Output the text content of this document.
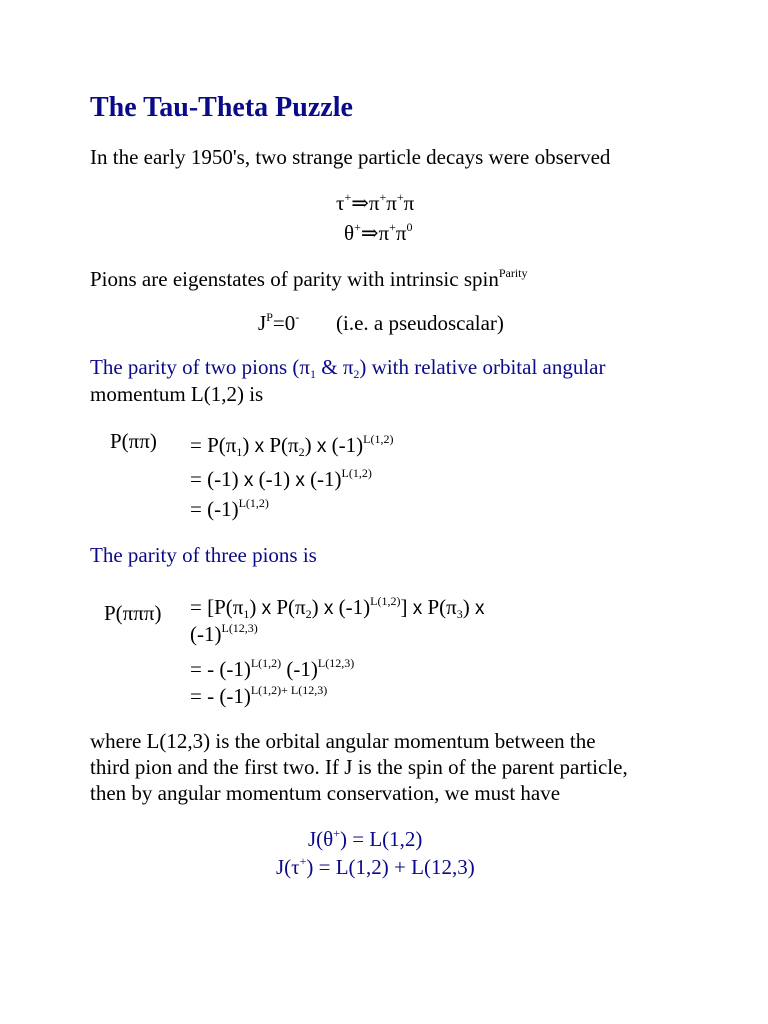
The Tau-Theta Puzzle
In the early 1950's, two strange particle decays were observed
τ+⇒π+π+π
$\theta^+\Rightarrow\pi^+\pi^0$
Pions are eigenstates of parity with intrinsic spin$^{Parity}$
$J^P=0^-$ (i.e. a pseudoscalar)
The parity of two pions ($\pi_1$ & $\pi_2$) with relative orbital angular
momentum L(1,2) is
$P(\pi\pi) = P(\pi_1)$ x $P(\pi_2)$ x $(-1)^{L(1,2)}$
= (-1) x (-1) x $(-1)^{L(1,2)}$
= $(-1)^{L(1,2)}$
The parity of three pions is
$P(\pi\pi\pi) = [P(\pi_1)$ x $P(\pi_2)$ x $(-1)^{L(1,2)}$] x $P(\pi_3)$ x
$(-1)^{L(12,3)}$
= - $(-1)^{L(1,2)}$ $(-1)^{L(12,3)}$
= - $(-1)^{L(1,2)+ L(12,3)}$
where L(12,3) is the orbital angular momentum between the
third pion and the first two. If J is the spin of the parent particle,
then by angular momentum conservation, we must have
J(θ+) = L(1,2)
J(τ+) = L(1,2) + L(12,3)
